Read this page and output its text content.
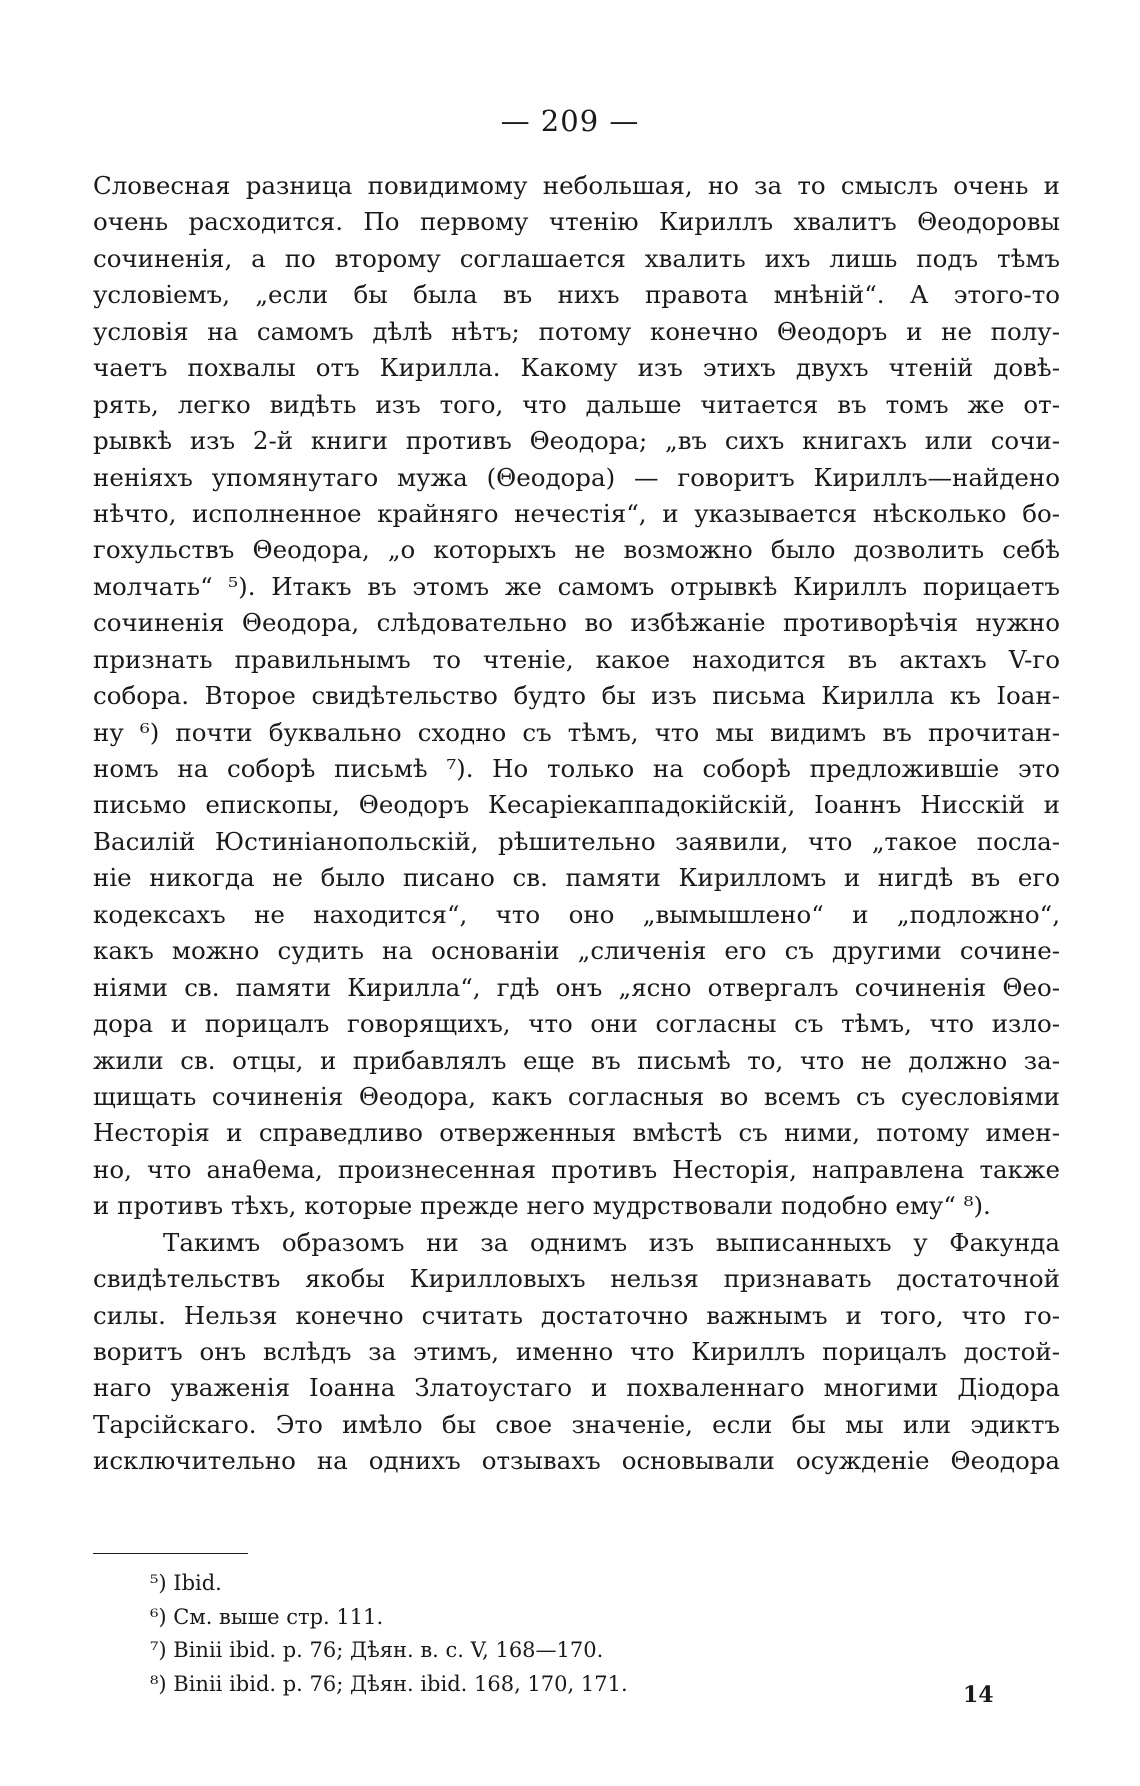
— 209 —
Словесная разница повидимому небольшая, но за то смыслъ очень и
очень расходится. По первому чтенію Кириллъ хвалитъ Θеодоровы
сочиненія, а по второму соглашается хвалить ихъ лишь подъ тѣмъ
условіемъ, „если бы была въ нихъ правота мнѣній“. А этого-то
условія на самомъ дѣлѣ нѣтъ; потому конечно Θеодоръ и не полу-
чаетъ похвалы отъ Кирилла. Какому изъ этихъ двухъ чтеній довѣ-
рять, легко видѣть изъ того, что дальше читается въ томъ же от-
рывкѣ изъ 2-й книги противъ Θеодора; „въ сихъ книгахъ или сочи-
неніяхъ упомянутаго мужа (Θеодора) — говоритъ Кириллъ—найдено
нѣчто, исполненное крайняго нечестія“, и указывается нѣсколько бо-
гохульствъ Θеодора, „о которыхъ не возможно было дозволить себѣ
молчать“ ⁵). Итакъ въ этомъ же самомъ отрывкѣ Кириллъ порицаетъ
сочиненія Θеодора, слѣдовательно во избѣжаніе противорѣчія нужно
признать правильнымъ то чтеніе, какое находится въ актахъ V-го
собора. Второе свидѣтельство будто бы изъ письма Кирилла къ Іоан-
ну ⁶) почти буквально сходно съ тѣмъ, что мы видимъ въ прочитан-
номъ на соборѣ письмѣ ⁷). Но только на соборѣ предложившіе это
письмо епископы, Θеодоръ Кесаріекаппадокійскій, Іоаннъ Нисскій и
Василій Юстиніанопольскій, рѣшительно заявили, что „такое посла-
ніе никогда не было писано св. памяти Кирилломъ и нигдѣ въ его
кодексахъ не находится“, что оно „вымышлено“ и „подложно“,
какъ можно судить на основаніи „сличенія его съ другими сочине-
ніями св. памяти Кирилла“, гдѣ онъ „ясно отвергалъ сочиненія Θео-
дора и порицалъ говорящихъ, что они согласны съ тѣмъ, что изло-
жили св. отцы, и прибавлялъ еще въ письмѣ то, что не должно за-
щищать сочиненія Θеодора, какъ согласныя во всемъ съ суесловіями
Несторія и справедливо отверженныя вмѣстѣ съ ними, потому имен-
но, что анаθема, произнесенная противъ Несторія, направлена также
и противъ тѣхъ, которые прежде него мудрствовали подобно ему“ ⁸).
Такимъ образомъ ни за однимъ изъ выписанныхъ у Факунда
свидѣтельствъ якобы Кирилловыхъ нельзя признавать достаточной
силы. Нельзя конечно считать достаточно важнымъ и того, что го-
воритъ онъ вслѣдъ за этимъ, именно что Кириллъ порицалъ достой-
наго уваженія Іоанна Златоустаго и похваленнаго многими Діодора
Тарсійскаго. Это имѣло бы свое значеніе, если бы мы или эдиктъ
исключительно на однихъ отзывахъ основывали осужденіе Θеодора
⁵) Ibid.
⁶) См. выше стр. 111.
⁷) Binii ibid. p. 76; Дѣян. в. с. V, 168—170.
⁸) Binii ibid. p. 76; Дѣян. ibid. 168, 170, 171.	14
